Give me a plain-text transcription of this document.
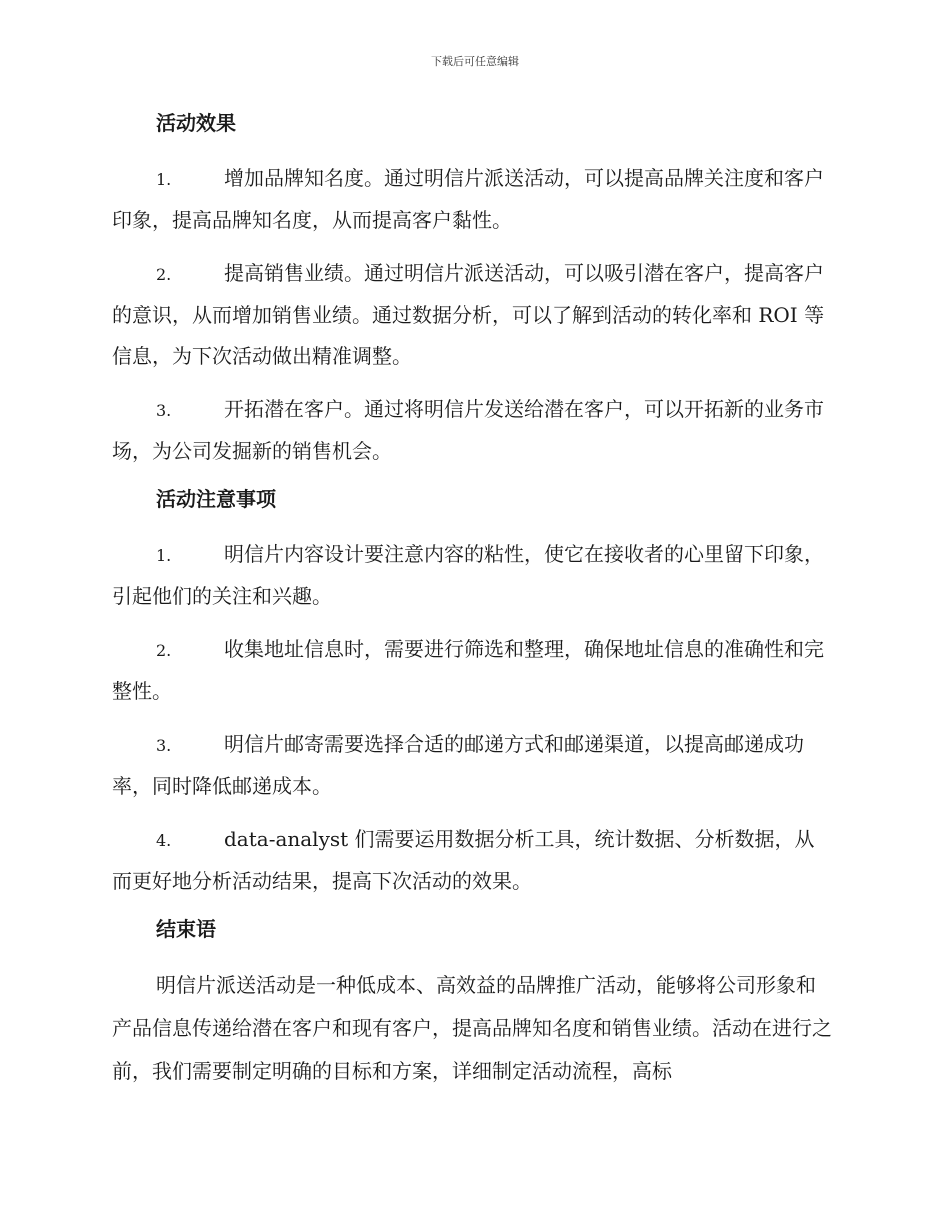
下载后可任意编辑
活动效果
1.	增加品牌知名度。通过明信片派送活动，可以提高品牌关注度和客户印象，提高品牌知名度，从而提高客户黏性。
2.	提高销售业绩。通过明信片派送活动，可以吸引潜在客户，提高客户的意识，从而增加销售业绩。通过数据分析，可以了解到活动的转化率和 ROI 等信息，为下次活动做出精准调整。
3.	开拓潜在客户。通过将明信片发送给潜在客户，可以开拓新的业务市场，为公司发掘新的销售机会。
活动注意事项
1.	明信片内容设计要注意内容的粘性，使它在接收者的心里留下印象，引起他们的关注和兴趣。
2.	收集地址信息时，需要进行筛选和整理，确保地址信息的准确性和完整性。
3.	明信片邮寄需要选择合适的邮递方式和邮递渠道，以提高邮递成功率，同时降低邮递成本。
4.	data-analyst 们需要运用数据分析工具，统计数据、分析数据，从而更好地分析活动结果，提高下次活动的效果。
结束语

明信片派送活动是一种低成本、高效益的品牌推广活动，能够将公司形象和产品信息传递给潜在客户和现有客户，提高品牌知名度和销售业绩。活动在进行之前，我们需要制定明确的目标和方案，详细制定活动流程，高标
